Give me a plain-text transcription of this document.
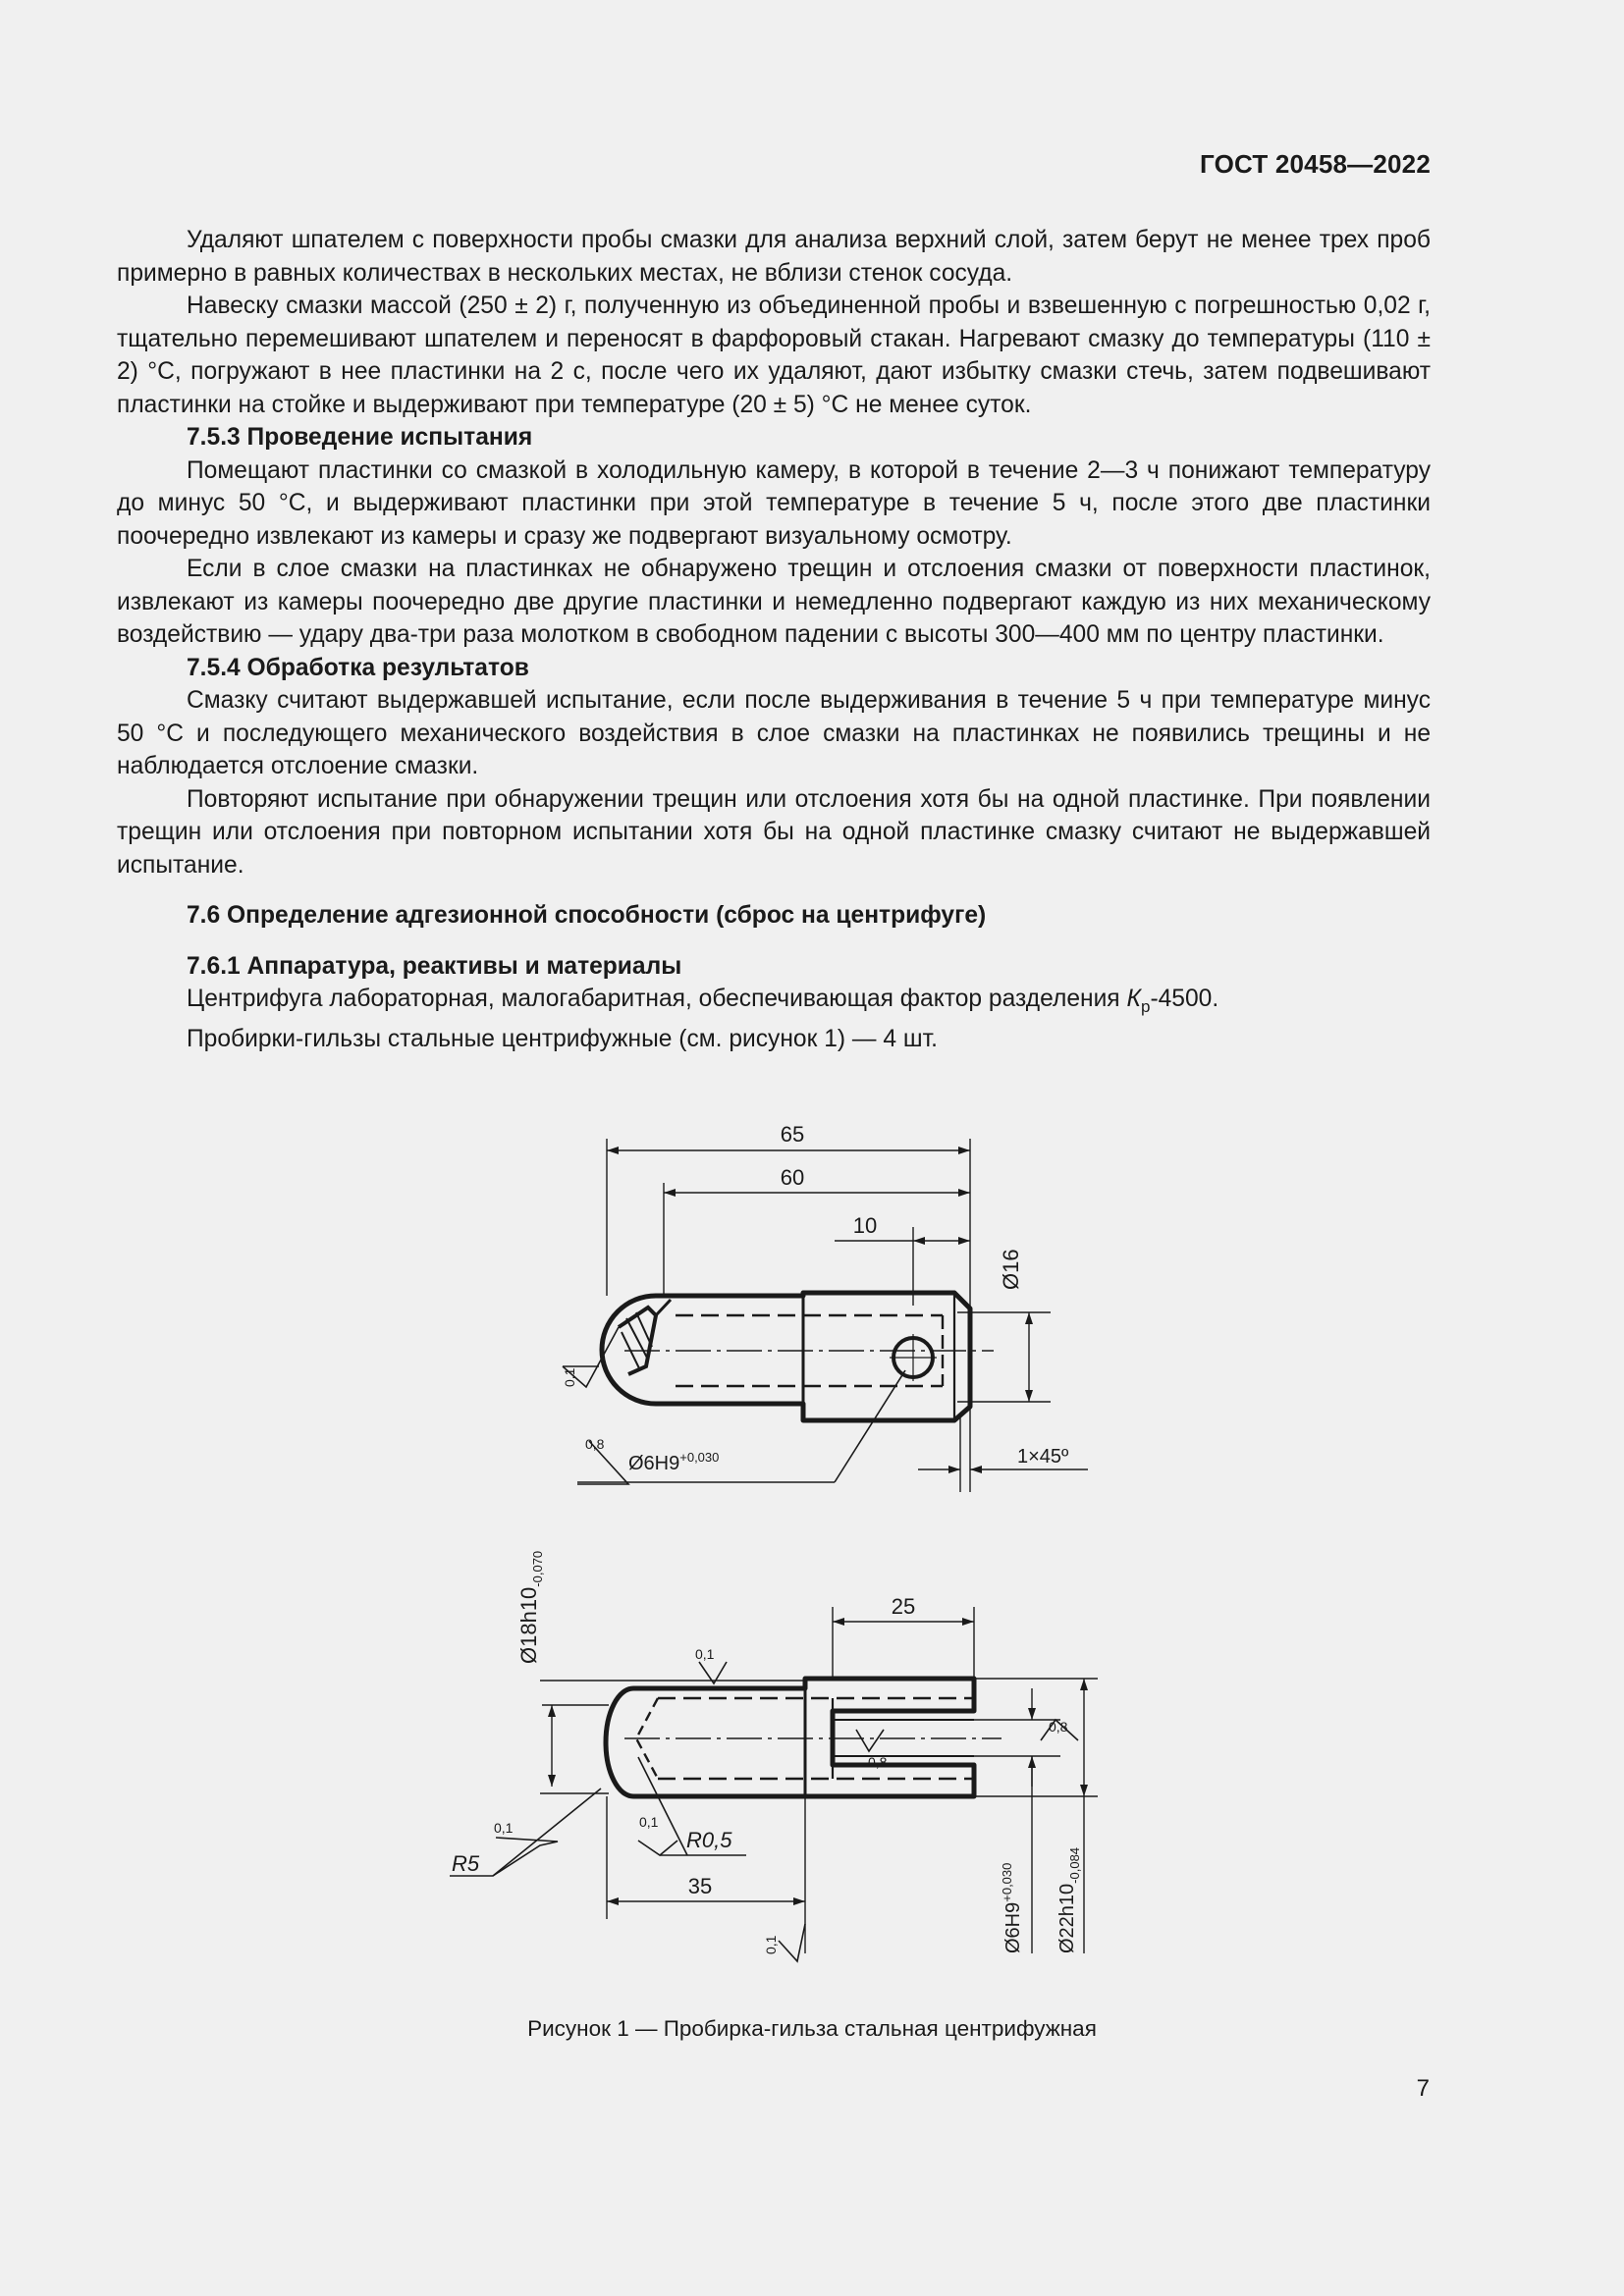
ГОСТ 20458—2022

Удаляют шпателем с поверхности пробы смазки для анализа верхний слой, затем берут не менее трех проб примерно в равных количествах в нескольких местах, не вблизи стенок сосуда.

Навеску смазки массой (250 ± 2) г, полученную из объединенной пробы и взвешенную с погрешностью 0,02 г, тщательно перемешивают шпателем и переносят в фарфоровый стакан. Нагревают смазку до температуры (110 ± 2) °С, погружают в нее пластинки на 2 с, после чего их удаляют, дают избытку смазки стечь, затем подвешивают пластинки на стойке и выдерживают при температуре (20 ± 5) °С не менее суток.

7.5.3 Проведение испытания

Помещают пластинки со смазкой в холодильную камеру, в которой в течение 2—3 ч понижают температуру до минус 50 °С, и выдерживают пластинки при этой температуре в течение 5 ч, после этого две пластинки поочередно извлекают из камеры и сразу же подвергают визуальному осмотру.

Если в слое смазки на пластинках не обнаружено трещин и отслоения смазки от поверхности пластинок, извлекают из камеры поочередно две другие пластинки и немедленно подвергают каждую из них механическому воздействию — удару два-три раза молотком в свободном падении с высоты 300—400 мм по центру пластинки.

7.5.4 Обработка результатов

Смазку считают выдержавшей испытание, если после выдерживания в течение 5 ч при температуре минус 50 °С и последующего механического воздействия в слое смазки на пластинках не появились трещины и не наблюдается отслоение смазки.

Повторяют испытание при обнаружении трещин или отслоения хотя бы на одной пластинке. При появлении трещин или отслоения при повторном испытании хотя бы на одной пластинке смазку считают не выдержавшей испытание.

7.6 Определение адгезионной способности (сброс на центрифуге)
7.6.1 Аппаратура, реактивы и материалы
Центрифуга лабораторная, малогабаритная, обеспечивающая фактор разделения $К_р-4500$.
Пробирки-гильзы стальные центрифужные (см. рисунок 1) — 4 шт.
65
60
10
Ø16
0,1
0,8
$Ø6H9^{+0,030}$	1×45º
25
$Ø18h10_{-0,070}$
0,1
0,8
0,8
0,1
R5
0,1
R0,5
35
0,1	$Ø6H9^{+0,030}$
$Ø22h10_{-0,084}$
Рисунок 1 — Пробирка-гильза стальная центрифужная
7
